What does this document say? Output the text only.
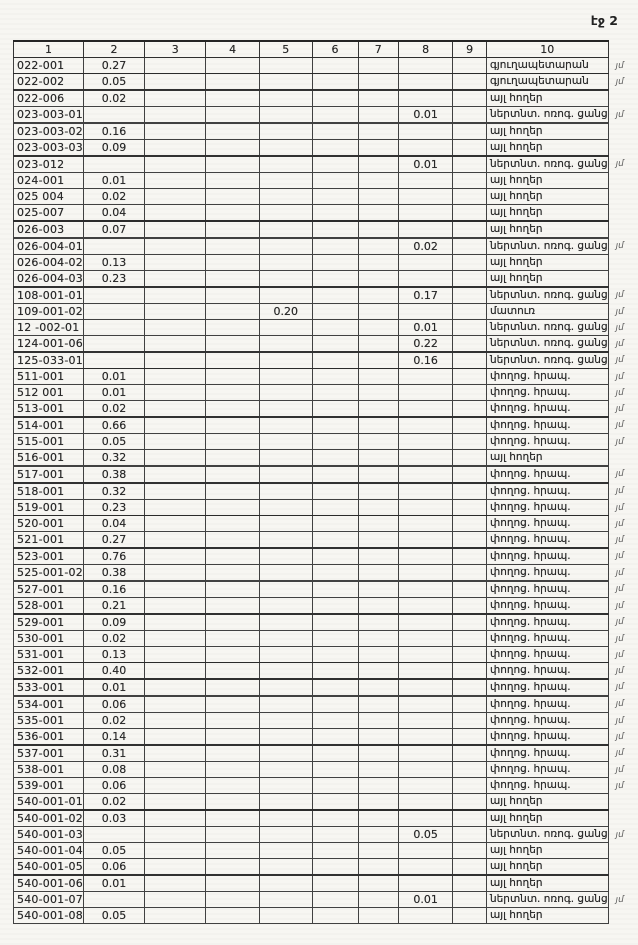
էջ 2
1	2	3	4	5	6	7	8	9	10	
022-001	0.27								գյուղապետարան	յմ
022-002	0.05								գյուղապետարան	յմ
022-006	0.02								այլ հողեր	
023-003-01							0.01		ներտնտ. ոռոգ. ցանց	յմ
023-003-02	0.16								այլ հողեր	
023-003-03	0.09								այլ հողեր	
023-012							0.01		ներտնտ. ոռոգ. ցանց	յմ
024-001	0.01								այլ հողեր	
025 004	0.02								այլ հողեր	
025-007	0.04								այլ հողեր	
026-003	0.07								այլ հողեր	
026-004-01							0.02		ներտնտ. ոռոգ. ցանց	յմ
026-004-02	0.13								այլ հողեր	
026-004-03	0.23								այլ հողեր	
108-001-01							0.17		ներտնտ. ոռոգ. ցանց	յմ
109-001-02				0.20					մատուռ	յմ
12 -002-01							0.01		ներտնտ. ոռոգ. ցանց	յմ
124-001-06							0.22		ներտնտ. ոռոգ. ցանց	յմ
125-033-01							0.16		ներտնտ. ոռոգ. ցանց	յմ
511-001	0.01								փողոց. հրապ.	յմ
512 001	0.01								փողոց. հրապ.	յմ
513-001	0.02								փողոց. հրապ.	յմ
514-001	0.66								փողոց. հրապ.	յմ
515-001	0.05								փողոց. հրապ.	յմ
516-001	0.32								այլ հողեր	
517-001	0.38								փողոց. հրապ.	յմ
518-001	0.32								փողոց. հրապ.	յմ
519-001	0.23								փողոց. հրապ.	յմ
520-001	0.04								փողոց. հրապ.	յմ
521-001	0.27								փողոց. հրապ.	յմ
523-001	0.76								փողոց. հրապ.	յմ
525-001-02	0.38								փողոց. հրապ.	յմ
527-001	0.16								փողոց. հրապ.	յմ
528-001	0.21								փողոց. հրապ.	յմ
529-001	0.09								փողոց. հրապ.	յմ
530-001	0.02								փողոց. հրապ.	յմ
531-001	0.13								փողոց. հրապ.	յմ
532-001	0.40								փողոց. հրապ.	յմ
533-001	0.01								փողոց. հրապ.	յմ
534-001	0.06								փողոց. հրապ.	յմ
535-001	0.02								փողոց. հրապ.	յմ
536-001	0.14								փողոց. հրապ.	յմ
537-001	0.31								փողոց. հրապ.	յմ
538-001	0.08								փողոց. հրապ.	յմ
539-001	0.06								փողոց. հրապ.	յմ
540-001-01	0.02								այլ հողեր	
540-001-02	0.03								այլ հողեր	
540-001-03							0.05		ներտնտ. ոռոգ. ցանց	յմ
540-001-04	0.05								այլ հողեր	
540-001-05	0.06								այլ հողեր	
540-001-06	0.01								այլ հողեր	
540-001-07							0.01		ներտնտ. ոռոգ. ցանց	յմ
540-001-08	0.05								այլ հողեր	
